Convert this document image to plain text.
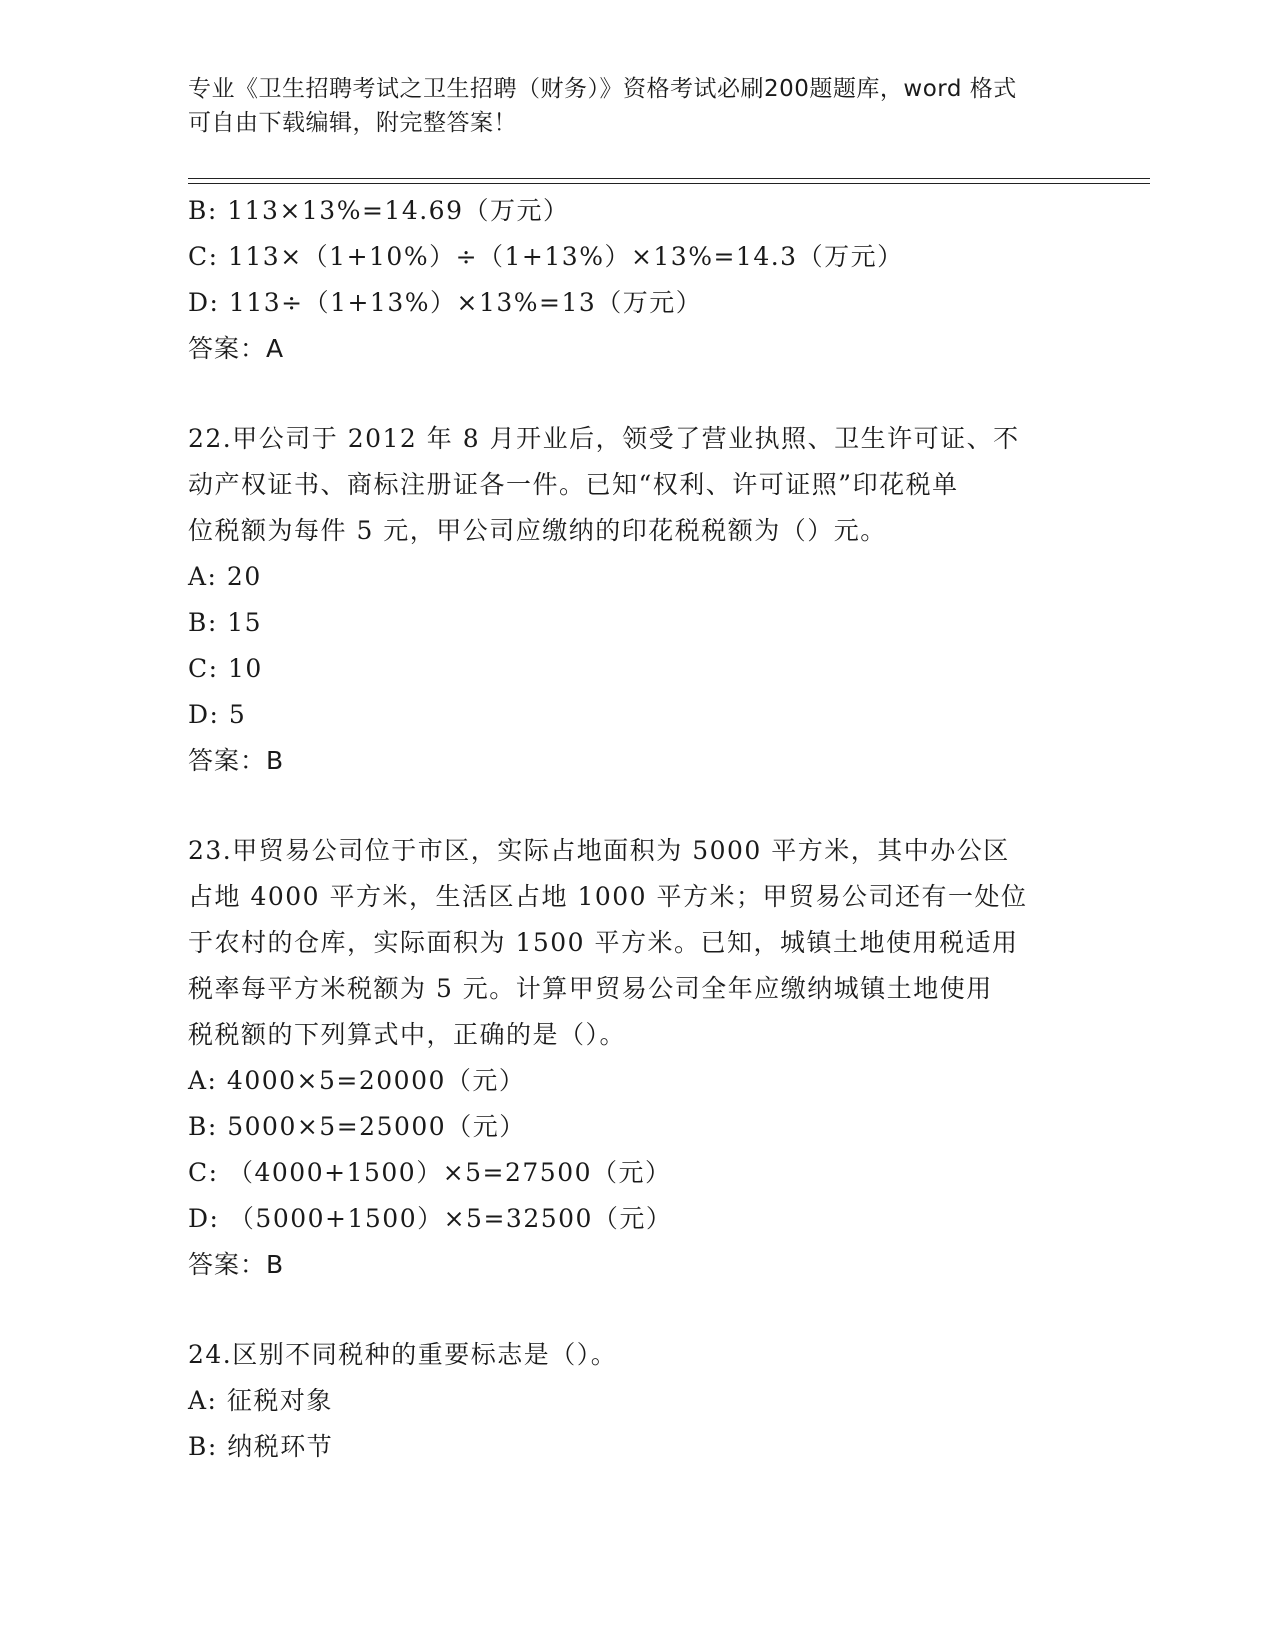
专业《卫生招聘考试之卫生招聘（财务）》资格考试必刷200题题库，word 格式
可自由下载编辑，附完整答案！
B: 113×13%=14.69（万元）
C: 113×（1+10%）÷（1+13%）×13%=14.3（万元）
D: 113÷（1+13%）×13%=13（万元）
答案：A
22.甲公司于 2012 年 8 月开业后，领受了营业执照、卫生许可证、不
动产权证书、商标注册证各一件。已知“权利、许可证照”印花税单
位税额为每件 5 元，甲公司应缴纳的印花税税额为（）元。
A: 20
B: 15
C: 10
D: 5
答案：B
23.甲贸易公司位于市区，实际占地面积为 5000 平方米，其中办公区
占地 4000 平方米，生活区占地 1000 平方米；甲贸易公司还有一处位
于农村的仓库，实际面积为 1500 平方米。已知，城镇土地使用税适用
税率每平方米税额为 5 元。计算甲贸易公司全年应缴纳城镇土地使用
税税额的下列算式中，正确的是（）。
A: 4000×5=20000（元）
B: 5000×5=25000（元）
C: （4000+1500）×5=27500（元）
D: （5000+1500）×5=32500（元）
答案：B
24.区别不同税种的重要标志是（）。
A: 征税对象
B: 纳税环节
